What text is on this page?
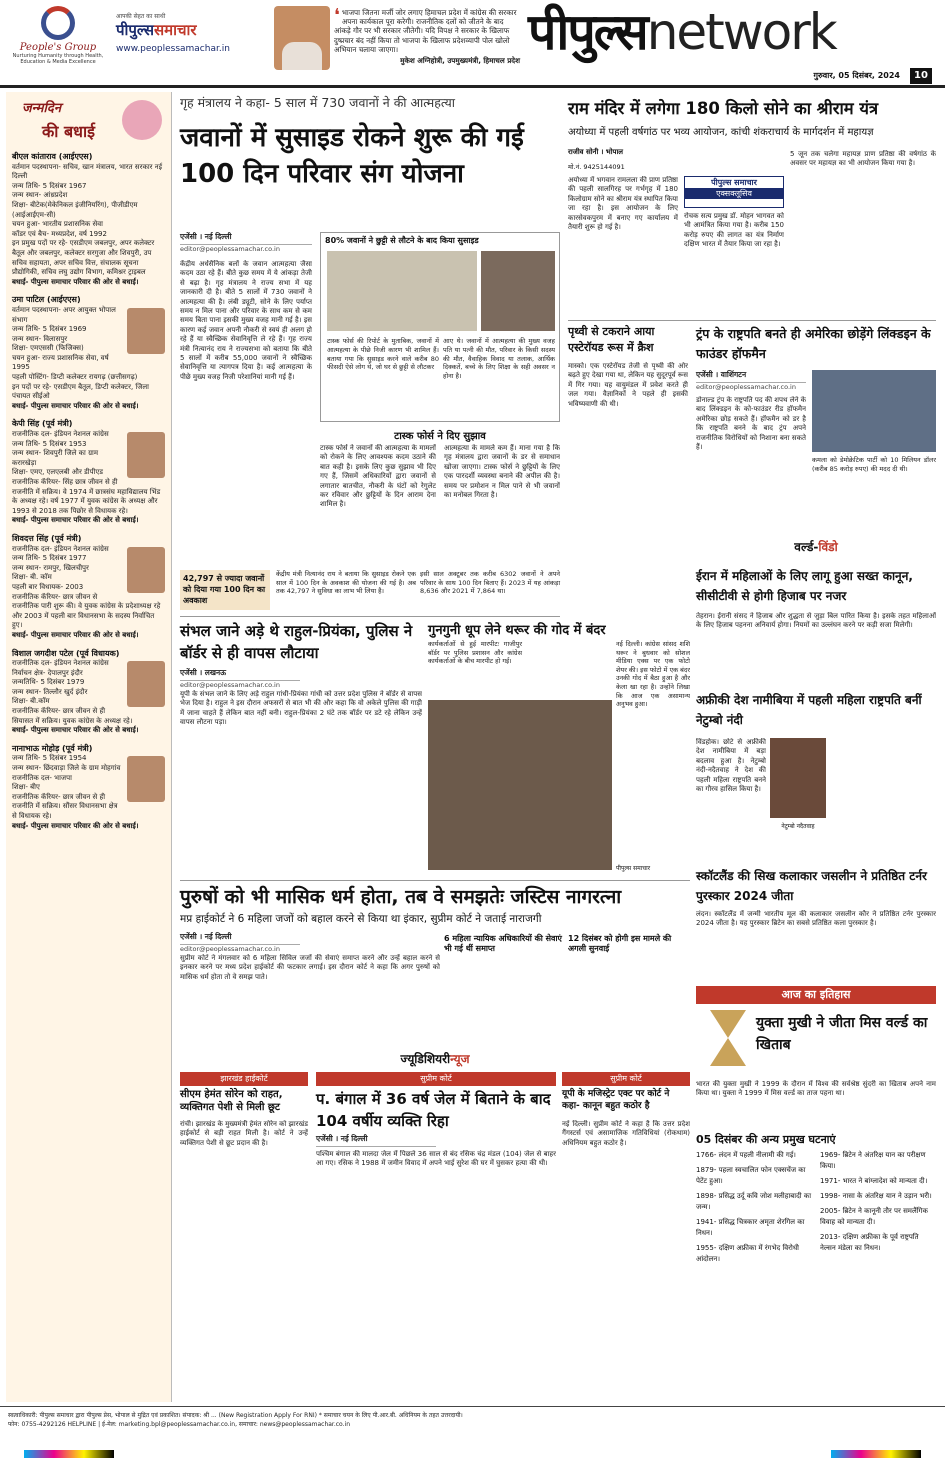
People's Group
Nurturing Humanity through Health, Education & Media Excellence
आपकी सेहत का साथी
पीपुल्ससमाचार
www.peoplessamachar.in
❛ भाजपा जितना मर्जी जोर लगाए हिमाचल प्रदेश में कांग्रेस की सरकार अपना कार्यकाल पूरा करेगी। राजनीतिक दलों को जीतने के बाद आंकड़े गौर पर भी सरकार जीतेगी। यदि विपक्ष ने सरकार के खिलाफ दुष्प्रचार बंद नहीं किया तो भाजपा के खिलाफ प्रदेशव्यापी पोल खोलो अभियान चलाया जाएगा।
मुकेश अग्निहोत्री, उपमुख्यमंत्री, हिमाचल प्रदेश पीपुल्सnetwork
गुरुवार, 05 दिसंबर, 2024	10
जन्मदिन
की बधाई
बीएल कांताराव (आईएएस)
वर्तमान पदस्थापना- सचिव, खान मंत्रालय, भारत सरकार नई दिल्ली
जन्म तिथि- 5 दिसंबर 1967
जन्म स्थान- आंध्रप्रदेश
शिक्षा- बीटेक(मेकेनिकल इंजीनियरिंग), पीजीडीएम (आईआईएम-सी)
चयन हुआ- भारतीय प्रशासनिक सेवा
कॉडर एवं बैच- मध्यप्रदेश, वर्ष 1992
इन प्रमुख पदों पर रहे- एसडीएम जबलपुर, अपर कलेक्टर बैतूल और जबलपुर, कलेक्टर सरगुजा और शिवपुरी, उप सचिव सहायता, अपर सचिव वित्त, संचालक सूचना प्रौद्योगिकी, सचिव लघु उद्योग विभाग, कमिश्नर ट्राइबल
बधाई- पीपुल्स समाचार परिवार की ओर से बधाई।
उमा पाटिल (आईएएस)
वर्तमान पदस्थापना- अपर आयुक्त भोपाल संभाग
जन्म तिथि- 5 दिसंबर 1969
जन्म स्थान- विलासपुर
शिक्षा- एमएससी (फिजिक्स)
चयन हुआ- राज्य प्रशासनिक सेवा, वर्ष 1995
पहली पोस्टिंग- डिप्टी कलेक्टर रायगढ़ (छत्तीसगढ़)
इन पदों पर रहे- एसडीएम बैतूल, डिप्टी कलेक्टर, जिला पंचायत सीईओ
बधाई- पीपुल्स समाचार परिवार की ओर से बधाई।
केपी सिंह (पूर्व मंत्री)
राजनीतिक दल- इंडियन नेशनल कांग्रेस
जन्म तिथि- 5 दिसंबर 1953
जन्म स्थान- शिवपुरी जिले का ग्राम करारखेड़ा
शिक्षा- एमए, एलएलबी और डीपीएड
राजनीतिक कॅरियर- सिंह छात्र जीवन से ही राजनीति में सक्रिय। वे 1974 में छात्रसंघ महाविद्यालय भिंड के अध्यक्ष रहे। वर्ष 1977 में युवक कांग्रेस के अध्यक्ष और 1993 से 2018 तक पिछोर से विधायक रहे।
बधाई- पीपुल्स समाचार परिवार की ओर से बधाई।
शिवदत्त सिंह (पूर्व मंत्री)
राजनीतिक दल- इंडियन नेशनल कांग्रेस
जन्म तिथि- 5 दिसंबर 1977
जन्म स्थान- रामपुर, खिलचीपुर
शिक्षा- बी. कॉम
पहली बार विधायक- 2003
राजनीतिक कॅरियर- छात्र जीवन से राजनीतिक पारी शुरू की। वे युवक कांग्रेस के प्रदेशाध्यक्ष रहे और 2003 में पहली बार विधानसभा के सदस्य निर्वाचित हुए।
बधाई- पीपुल्स समाचार परिवार की ओर से बधाई।
विशाल जगदीश पटेल (पूर्व विधायक)
राजनीतिक दल- इंडियन नेशनल कांग्रेस
निर्वाचन क्षेत्र- देपालपुर इंदौर
जन्मतिथि- 5 दिसंबर 1979
जन्म स्थान- तिल्लौर खुर्द इंदौर
शिक्षा- बी.कॉम
राजनीतिक कॅरियर- छात्र जीवन से ही सियासत में सक्रिय। युवक कांग्रेस के अध्यक्ष रहे।
बधाई- पीपुल्स समाचार परिवार की ओर से बधाई।
नानाभाऊ मोहोड़ (पूर्व मंत्री)
जन्म तिथि- 5 दिसंबर 1954
जन्म स्थान- छिंदवाड़ा जिले के ग्राम मोहगांव
राजनीतिक दल- भाजपा
शिक्षा- बीए
राजनीतिक कॅरियर- छात्र जीवन से ही राजनीति में सक्रिय। सौंसर विधानसभा क्षेत्र से विधायक रहे।
बधाई- पीपुल्स समाचार परिवार की ओर से बधाई।
गृह मंत्रालय ने कहा- 5 साल में 730 जवानों ने की आत्महत्या
जवानों में सुसाइड रोकने शुरू की गई 100 दिन परिवार संग योजना
एजेंसी । नई दिल्ली
editor@peoplessamachar.co.in
केंद्रीय अर्धसैनिक बलों के जवान आत्महत्या जैसा कदम उठा रहे हैं। बीते कुछ समय में ये आंकड़ा तेजी से बढ़ा है। गृह मंत्रालय ने राज्य सभा में यह जानकारी दी है। बीते 5 सालों में 730 जवानों ने आत्महत्या की है। लंबी ड्यूटी, सोने के लिए पर्याप्त समय न मिल पाना और परिवार के साथ कम से कम समय बिता पाना इसकी मुख्य वजह मानी गई है। इस कारण कई जवान अपनी नौकरी से स्वयं ही अलग हो रहे हैं या स्वैच्छिक सेवानिवृत्ति ले रहे हैं। गृह राज्य मंत्री नित्यानंद राय ने राज्यसभा को बताया कि बीते 5 सालों में करीब 55,000 जवानों ने स्वैच्छिक सेवानिवृत्ति या त्यागपत्र दिया है। कई आत्महत्या के पीछे मुख्य वजह निजी परेशानियां मानी गई हैं।
80% जवानों ने छुट्टी से लौटने के बाद किया सुसाइड
टास्क फोर्स की रिपोर्ट के मुताबिक, जवानों में आत्महत्या के पीछे निजी कारण भी शामिल हैं। बताया गया कि सुसाइड करने वाले करीब 80 फीसदी ऐसे लोग थे, जो घर से छुट्टी से लौटकर
आए थे। जवानों में आत्महत्या की मुख्य वजह पति या पत्नी की मौत, परिवार के किसी सदस्य की मौत, वैवाहिक विवाद या तलाक, आर्थिक दिक्कतें, बच्चे के लिए शिक्षा के सही अवसर न होना है।
टास्क फोर्स ने दिए सुझाव
टास्क फोर्स ने जवानों की आत्महत्या के मामलों को रोकने के लिए आवश्यक कदम उठाने की बात कही है। इसके लिए कुछ सुझाव भी दिए गए हैं, जिसमें अधिकारियों द्वारा जवानों से लगातार बातचीत, नौकरी के घंटों को रेगुलेट कर रविवार और छुट्टियों के दिन आराम देना शामिल है।
आत्महत्या के मामले कम हैं। माना गया है कि गृह मंत्रालय द्वारा जवानों के डर से समाधान खोजा जाएगा। टास्क फोर्स ने छुट्टियों के लिए एक पारदर्शी व्यवस्था बनाने की अपील की है। समय पर प्रमोशन न मिल पाने से भी जवानों का मनोबल गिरता है।
42,797 से ज्यादा जवानों को दिया गया 100 दिन का अवकाश
केंद्रीय मंत्री नित्यानंद राय ने बताया कि सुसाइड रोकने एक साल में 100 दिन के अवकाश की योजना की गई है। अब तक 42,797 ने सुविधा का लाभ भी लिया है।
इसी साल अक्टूबर तक करीब 6302 जवानों ने अपने परिवार के साथ 100 दिन बिताए हैं। 2023 में यह आंकड़ा 8,636 और 2021 में 7,864 था।
संभल जाने अड़े थे राहुल-प्रियंका, पुलिस ने बॉर्डर से ही वापस लौटाया
एजेंसी । लखनऊ
editor@peoplessamachar.co.in
यूपी के संभल जाने के लिए अड़े राहुल गांधी-प्रियंका गांधी को उत्तर प्रदेश पुलिस ने बॉर्डर से वापस भेज दिया है। राहुल ने इस दौरान अफसरों से बात भी की और कहा कि वो अकेले पुलिस की गाड़ी में जाना चाहते हैं लेकिन बात नहीं बनी। राहुल-प्रियंका 2 घंटे तक बॉर्डर पर डटे रहे लेकिन उन्हें वापस लौटना पड़ा।
गुनगुनी धूप लेने थरूर की गोद में बंदर
कार्यकर्ताओं से हुई मारपीटः गाजीपुर बॉर्डर पर पुलिस प्रशासन और कांग्रेस कार्यकर्ताओं के बीच मारपीट हो गई।
नई दिल्ली। कांग्रेस सांसद शशि थरूर ने बुधवार को सोशल मीडिया एक्स पर एक फोटो शेयर की। इस फोटो में एक बंदर उनकी गोद में बैठा हुआ है और केला खा रहा है। उन्होंने लिखा कि आज एक असामान्य अनुभव हुआ।
पीपुल्स समाचार
पुरुषों को भी मासिक धर्म होता, तब वे समझतेः जस्टिस नागरत्ना
मप्र हाईकोर्ट ने 6 महिला जजों को बहाल करने से किया था इंकार, सुप्रीम कोर्ट ने जताई नाराजगी
एजेंसी । नई दिल्ली
editor@peoplessamachar.co.in
सुप्रीम कोर्ट ने मंगलवार को 6 महिला सिविल जजों की सेवाएं समाप्त करने और उन्हें बहाल करने से इनकार करने पर मध्य प्रदेश हाईकोर्ट की फटकार लगाई। इस दौरान कोर्ट ने कहा कि अगर पुरुषों को मासिक धर्म होता तो वे समझ पाते।
6 महिला न्यायिक अधिकारियों की सेवाएं भी गई थीं समाप्त
12 दिसंबर को होगी इस मामले की अगली सुनवाई
ज्यूडिशियरीन्यूज
झारखंड हाईकोर्ट
सीएम हेमंत सोरेन को राहत, व्यक्तिगत पेशी से मिली छूट
रांची। झारखंड के मुख्यमंत्री हेमंत सोरेन को झारखंड हाईकोर्ट से बड़ी राहत मिली है। कोर्ट ने उन्हें व्यक्तिगत पेशी से छूट प्रदान की है।
सुप्रीम कोर्ट
प. बंगाल में 36 वर्ष जेल में बिताने के बाद 104 वर्षीय व्यक्ति रिहा
एजेंसी । नई दिल्ली
पश्चिम बंगाल की मालदा जेल में पिछले 36 साल से बंद रसिक चंद्र मंडल (104) जेल से बाहर आ गए। रसिक ने 1988 में जमीन विवाद में अपने भाई सुरेश की घर में घुसकर हत्या की थी।
सुप्रीम कोर्ट
यूपी के मजिस्ट्रेट एक्ट पर कोर्ट ने कहा- कानून बहुत कठोर है
नई दिल्ली। सुप्रीम कोर्ट ने कहा है कि उत्तर प्रदेश गैंगस्टर्स एवं असामाजिक गतिविधियां (रोकथाम) अधिनियम बहुत कठोर है।
राम मंदिर में लगेगा 180 किलो सोने का श्रीराम यंत्र
अयोध्या में पहली वर्षगांठ पर भव्य आयोजन, कांची शंकराचार्य के मार्गदर्शन में महायज्ञ
राजीव सोनी । भोपाल
मो.नं. 9425144091
अयोध्या में भगवान रामलला की प्राण प्रतिष्ठा की पहली सालगिरह पर गर्भगृह में 180 किलोग्राम सोने का श्रीराम यंत्र स्थापित किया जा रहा है। इस आयोजन के लिए कारसेवकपुरम में बनाए गए कार्यालय में तैयारी शुरू हो गई है।
पीपुल्स समाचार
एक्सक्लूसिव
रोचक सत्य प्रमुख डॉ. मोहन भागवत को भी आमंत्रित किया गया है। करीब 150 करोड़ रुपए की लागत का यंत्र निर्माण दक्षिण भारत में तैयार किया जा रहा है।
5 जून तक चलेगा महायज्ञ प्राण प्रतिष्ठा की वर्षगांठ के अवसर पर महायज्ञ का भी आयोजन किया गया है।
पृथ्वी से टकराने आया एस्टेरॉयड रूस में क्रैश
मास्को। एक एस्टेरॉयड तेजी से पृथ्वी की ओर बढ़ते हुए देखा गया था, लेकिन यह सुदूरपूर्व रूस में गिर गया। यह वायुमंडल में प्रवेश करते ही जल गया। वैज्ञानिकों ने पहले ही इसकी भविष्यवाणी की थी।
ट्रंप के राष्ट्रपति बनते ही अमेरिका छोड़ेंगे लिंक्डइन के फाउंडर हॉफमैन
एजेंसी । वाशिंगटन
editor@peoplessamachar.co.in
डोनाल्ड ट्रंप के राष्ट्रपति पद की शपथ लेने के बाद लिंक्डइन के को-फाउंडर रीड हॉफमैन अमेरिका छोड़ सकते हैं। हॉफमैन को डर है कि राष्ट्रपति बनने के बाद ट्रंप अपने राजनीतिक विरोधियों को निशाना बना सकते हैं।
कमला को डेमोक्रेटिक पार्टी को 10 मिलियन डॉलर (करीब 85 करोड़ रुपए) की मदद दी थी।
वर्ल्ड-विंडो
ईरान में महिलाओं के लिए लागू हुआ सख्त कानून, सीसीटीवी से होगी हिजाब पर नजर
तेहरान। ईरानी संसद ने हिजाब और शुद्धता से जुड़ा बिल पारित किया है। इसके तहत महिलाओं के लिए हिजाब पहनना अनिवार्य होगा। नियमों का उल्लंघन करने पर कड़ी सजा मिलेगी।
अफ्रीकी देश नामीबिया में पहली महिला राष्ट्रपति बनीं नेटुम्बो नंदी
विंडहोक। छोटे से अफ्रीकी देश नामीबिया में बड़ा बदलाव हुआ है। नेटुम्बो नंदी-नदैतवाह ने देश की पहली महिला राष्ट्रपति बनने का गौरव हासिल किया है।
नेटुम्बो नदैतवाह
स्कॉटलैंड की सिख कलाकार जसलीन ने प्रतिष्ठित टर्नर पुरस्कार 2024 जीता
लंदन। स्कॉटलैंड में जन्मी भारतीय मूल की कलाकार जसलीन कौर ने प्रतिष्ठित टर्नर पुरस्कार 2024 जीता है। यह पुरस्कार ब्रिटेन का सबसे प्रतिष्ठित कला पुरस्कार है।
आज का इतिहास
युक्ता मुखी ने जीता मिस वर्ल्ड का खिताब
भारत की युक्ता मुखी ने 1999 के दौरान में विश्व की सर्वश्रेष्ठ सुंदरी का खिताब अपने नाम किया था। युक्ता ने 1999 में मिस वर्ल्ड का ताज पहना था।
05 दिसंबर की अन्य प्रमुख घटनाएं
1766- लंदन में पहली नीलामी की गई।
1879- पहला स्वचालित फोन एक्सचेंज का पेटेंट हुआ।
1898- प्रसिद्ध उर्दू कवि जोश मलीहाबादी का जन्म।
1941- प्रसिद्ध चित्रकार अमृता शेरगिल का निधन।
1955- दक्षिण अफ्रीका में रंगभेद विरोधी आंदोलन।
1969- ब्रिटेन ने अंतरिक्ष यान का परीक्षण किया।
1971- भारत ने बांग्लादेश को मान्यता दी।
1998- नासा के अंतरिक्ष यान ने उड़ान भरी।
2005- ब्रिटेन ने कानूनी तौर पर समलैंगिक विवाह को मान्यता दी।
2013- दक्षिण अफ्रीका के पूर्व राष्ट्रपति नेल्सन मंडेला का निधन।
स्वत्वाधिकारी: पीपुल्स समाचार द्वारा पीपुल्स प्रेस, भोपाल से मुद्रित एवं प्रकाशित। संपादक: श्री ... (New Registration Apply For RNI) * समाचार चयन के लिए पी.आर.बी. अधिनियम के तहत उत्तरदायी।
फोन: 0755-4292126 HELPLINE | ई-मेल: marketing.bpl@peoplessamachar.co.in, समाचार: news@peoplessamachar.co.in
